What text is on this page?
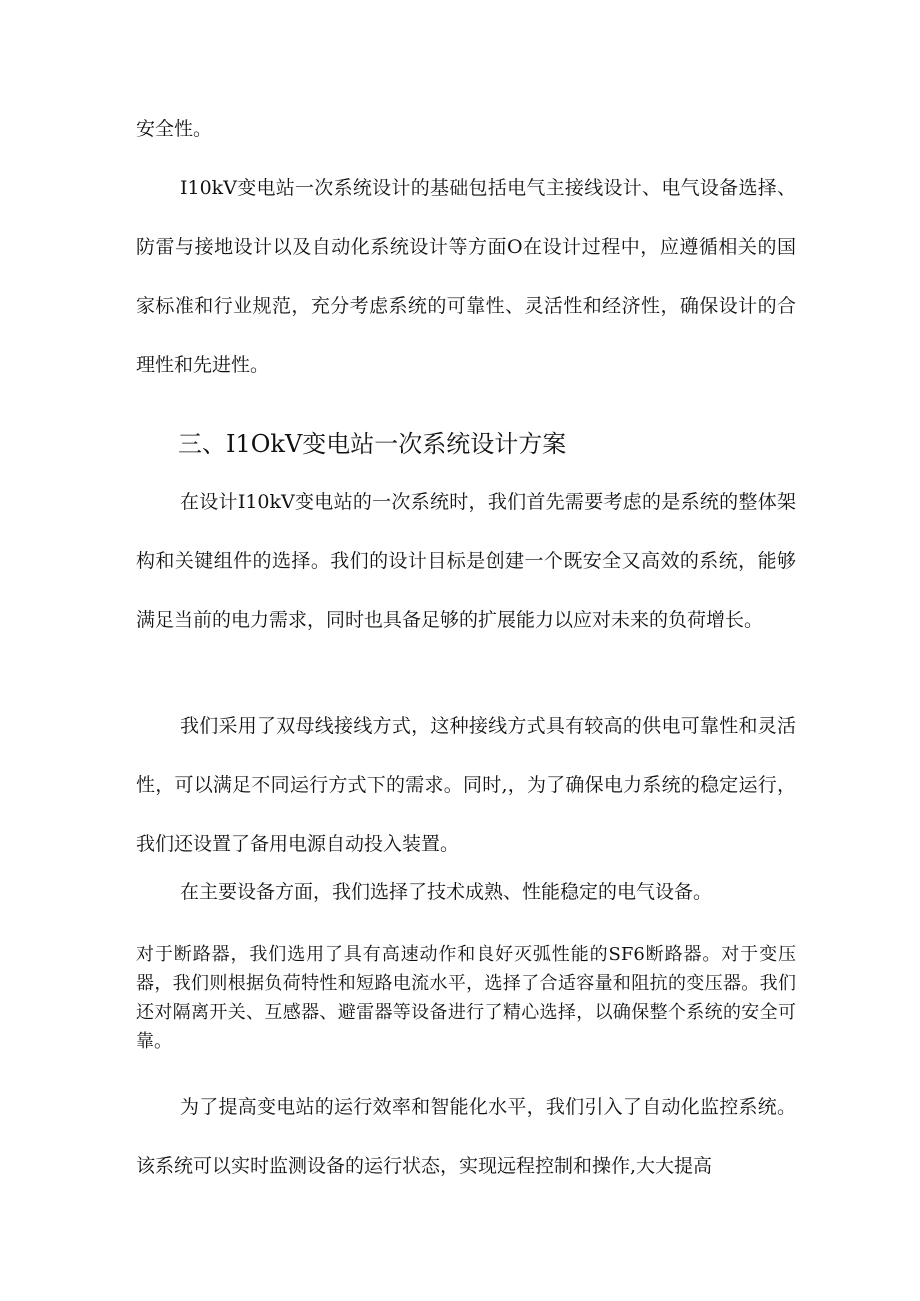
安全性。

I10kV变电站一次系统设计的基础包括电气主接线设计、电气设备选择、防雷与接地设计以及自动化系统设计等方面O在设计过程中，应遵循相关的国家标准和行业规范，充分考虑系统的可靠性、灵活性和经济性，确保设计的合理性和先进性。

三、I1OkV变电站一次系统设计方案

在设计I10kV变电站的一次系统时，我们首先需要考虑的是系统的整体架构和关键组件的选择。我们的设计目标是创建一个既安全又高效的系统，能够满足当前的电力需求，同时也具备足够的扩展能力以应对未来的负荷增长。

我们采用了双母线接线方式，这种接线方式具有较高的供电可靠性和灵活性，可以满足不同运行方式下的需求。同时,，为了确保电力系统的稳定运行，我们还设置了备用电源自动投入装置。

在主要设备方面，我们选择了技术成熟、性能稳定的电气设备。

对于断路器，我们选用了具有高速动作和良好灭弧性能的SF6断路器。对于变压器，我们则根据负荷特性和短路电流水平，选择了合适容量和阻抗的变压器。我们还对隔离开关、互感器、避雷器等设备进行了精心选择，以确保整个系统的安全可靠。

为了提高变电站的运行效率和智能化水平，我们引入了自动化监控系统。该系统可以实时监测设备的运行状态，实现远程控制和操作,大大提高
